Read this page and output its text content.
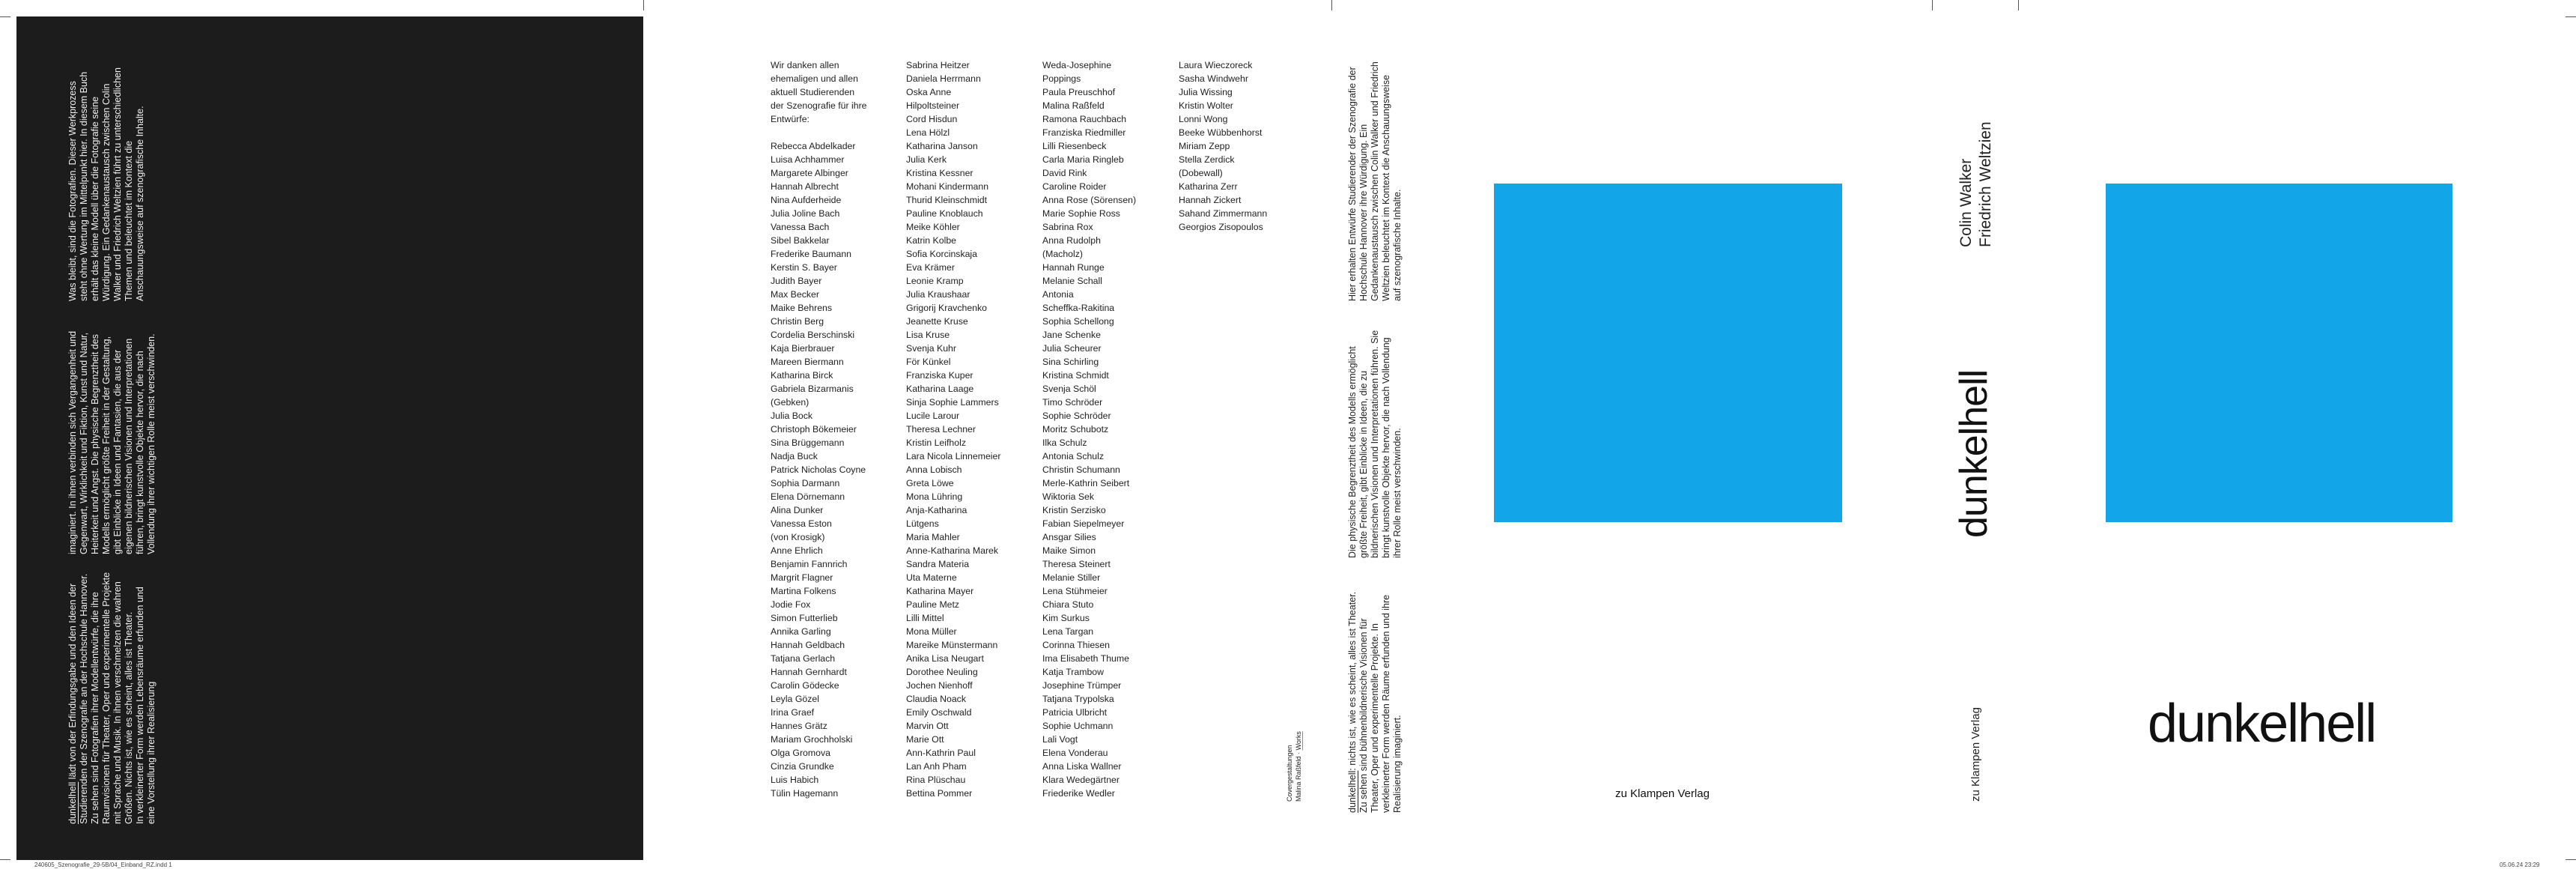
dunkelhell lädt von der Erfindungsgabe und den Ideen der Studierenden der Szenografie an der Hochschule Hannover. Zu sehen sind Fotografien ihrer Modellentwürfe, die ihre Raumvisionen für Theater, Oper und experimentelle Projekte mit Sprache und Musik. In ihnen verschmelzen die wahren Größen. Nichts ist, wie es scheint, alles ist Theater.
In verkleinerter Form werden Lebensräume erfunden und eine Vorstellung ihrer Realisierung
imaginiert. In ihnen verbinden sich Vergangenheit und Gegenwart, Wirklichkeit und Fiktion, Kunst und Natur, Heiterkeit und Angst. Die physische Begrenztheit des Modells ermöglicht größte Freiheit in der Gestaltung, gibt Einblicke in Ideen und Fantasien, die aus der eigenen bildnerischen Visionen und Interpretationen führen, bringt kunstvolle Objekte hervor, die nach Vollendung ihrer wichtigen Rolle meist verschwinden.
Was bleibt, sind die Fotografien. Dieser Werkprozess steht ohne Wertung im Mittelpunkt hier. In diesem Buch erhält das kleine Modell über die Fotografie seine Würdigung. Ein Gedankenaustausch zwischen Colin Walker und Friedrich Weltzien führt zu unterschiedlichen Themen und beleuchtet im Kontext die Anschauungsweise auf szenografische Inhalte.
Wir danken allen
ehemaligen und allen
aktuell Studierenden
der Szenografie für ihre
Entwürfe:

Rebecca Abdelkader
Luisa Achhammer
Margarete Albinger
Hannah Albrecht
Nina Aufderheide
Julia Joline Bach
Vanessa Bach
Sibel Bakkelar
Frederike Baumann
Kerstin S. Bayer
Judith Bayer
Max Becker
Maike Behrens
Christin Berg
Cordelia Berschinski
Kaja Bierbrauer
Mareen Biermann
Katharina Birck
Gabriela Bizarmanis
(Gebken)
Julia Bock
Christoph Bökemeier
Sina Brüggemann
Nadja Buck
Patrick Nicholas Coyne
Sophia Darmann
Elena Dörnemann
Alina Dunker
Vanessa Eston
(von Krosigk)
Anne Ehrlich
Benjamin Fannrich
Margrit Flagner
Martina Folkens
Jodie Fox
Simon Futterlieb
Annika Garling
Hannah Geldbach
Tatjana Gerlach
Hannah Gernhardt
Carolin Gödecke
Leyla Gözel
Irina Graef
Hannes Grätz
Mariam Grochholski
Olga Gromova
Cinzia Grundke
Luis Habich
Tülin Hagemann
Sabrina Heitzer
Daniela Herrmann
Oska Anne
Hilpoltsteiner
Cord Hisdun
Lena Hölzl
Katharina Janson
Julia Kerk
Kristina Kessner
Mohani Kindermann
Thurid Kleinschmidt
Pauline Knoblauch
Meike Köhler
Katrin Kolbe
Sofia Korcinskaja
Eva Krämer
Leonie Kramp
Julia Kraushaar
Grigorij Kravchenko
Jeanette Kruse
Lisa Kruse
Svenja Kuhr
För Künkel
Franziska Kuper
Katharina Laage
Sinja Sophie Lammers
Lucile Larour
Theresa Lechner
Kristin Leifholz
Lara Nicola Linnemeier
Anna Lobisch
Greta Löwe
Mona Lühring
Anja-Katharina
Lütgens
Maria Mahler
Anne-Katharina Marek
Sandra Materia
Uta Materne
Katharina Mayer
Pauline Metz
Lilli Mittel
Mona Müller
Mareike Münstermann
Anika Lisa Neugart
Dorothee Neuling
Jochen Nienhoff
Claudia Noack
Emily Oschwald
Marvin Ott
Marie Ott
Ann-Kathrin Paul
Lan Anh Pham
Rina Plüschau
Bettina Pommer
Weda-Josephine
Poppings
Paula Preuschhof
Malina Raßfeld
Ramona Rauchbach
Franziska Riedmiller
Lilli Riesenbeck
Carla Maria Ringleb
David Rink
Caroline Roider
Anna Rose (Sörensen)
Marie Sophie Ross
Sabrina Rox
Anna Rudolph
(Macholz)
Hannah Runge
Melanie Schall
Antonia
Scheffka-Rakitina
Sophia Schellong
Jane Schenke
Julia Scheurer
Sina Schirling
Kristina Schmidt
Svenja Schöl
Timo Schröder
Sophie Schröder
Moritz Schubotz
Ilka Schulz
Antonia Schulz
Christin Schumann
Merle-Kathrin Seibert
Wiktoria Sek
Kristin Serzisko
Fabian Siepelmeyer
Ansgar Silies
Maike Simon
Theresa Steinert
Melanie Stiller
Lena Stühmeier
Chiara Stuto
Kim Surkus
Lena Targan
Corinna Thiesen
Ima Elisabeth Thume
Katja Trambow
Josephine Trümper
Tatjana Trypolska
Patricia Ulbricht
Sophie Uchmann
Lali Vogt
Elena Vonderau
Anna Liska Wallner
Klara Wedegärtner
Friederike Wedler
Laura Wieczoreck
Sasha Windwehr
Julia Wissing
Kristin Wolter
Lonni Wong
Beeke Wübbenhorst
Miriam Zepp
Stella Zerdick
(Dobewall)
Katharina Zerr
Hannah Zickert
Sahand Zimmermann
Georgios Zisopoulos
Covergestaltungen Malina Raßfeld · Works
dunkelhell: nichts ist, wie es scheint, alles ist Theater. Zu sehen sind bühnenbildnerische Visionen für Theater, Oper und experimentelle Projekte. In verkleinerter Form werden Räume erfunden und ihre Realisierung imaginiert.
Die physische Begrenztheit des Modells ermöglicht größte Freiheit, gibt Einblicke in Ideen, die zu bildnerischen Visionen und Interpretationen führen. Sie bringt kunstvolle Objekte hervor, die nach Vollendung ihrer Rolle meist verschwinden.
Hier erhalten Entwürfe Studierender der Szenografie der Hochschule Hannover ihre Würdigung. Ein Gedankenaustausch zwischen Colin Walker und Friedrich Weltzien beleuchtet im Kontext die Anschauungsweise auf szenografische Inhalte.
zu Klampen Verlag
Colin Walker
Friedrich Weltzien
dunkelhell
zu Klampen Verlag	dunkelhell
240605_Szenografie_29-5B/04_Einband_RZ.indd 1	05.06.24 23:29
